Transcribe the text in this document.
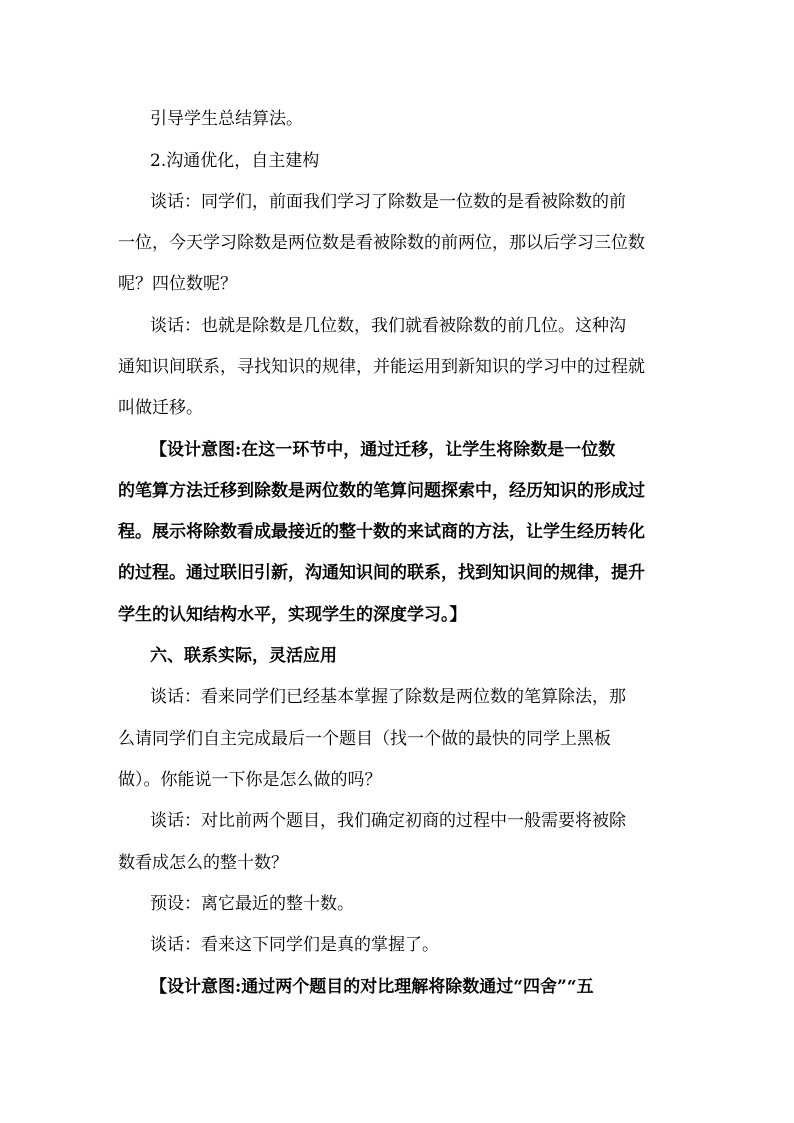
引导学生总结算法。
2.沟通优化，自主建构
谈话：同学们，前面我们学习了除数是一位数的是看被除数的前
一位，今天学习除数是两位数是看被除数的前两位，那以后学习三位数
呢？四位数呢？
谈话：也就是除数是几位数，我们就看被除数的前几位。这种沟
通知识间联系，寻找知识的规律，并能运用到新知识的学习中的过程就
叫做迁移。
【设计意图:在这一环节中，通过迁移，让学生将除数是一位数
的笔算方法迁移到除数是两位数的笔算问题探索中，经历知识的形成过
程。展示将除数看成最接近的整十数的来试商的方法，让学生经历转化
的过程。通过联旧引新，沟通知识间的联系，找到知识间的规律，提升
学生的认知结构水平，实现学生的深度学习。】
六、联系实际，灵活应用
谈话：看来同学们已经基本掌握了除数是两位数的笔算除法，那
么请同学们自主完成最后一个题目（找一个做的最快的同学上黑板
做）。你能说一下你是怎么做的吗？
谈话：对比前两个题目，我们确定初商的过程中一般需要将被除
数看成怎么的整十数？
预设：离它最近的整十数。
谈话：看来这下同学们是真的掌握了。
【设计意图:通过两个题目的对比理解将除数通过“四舍”“五
